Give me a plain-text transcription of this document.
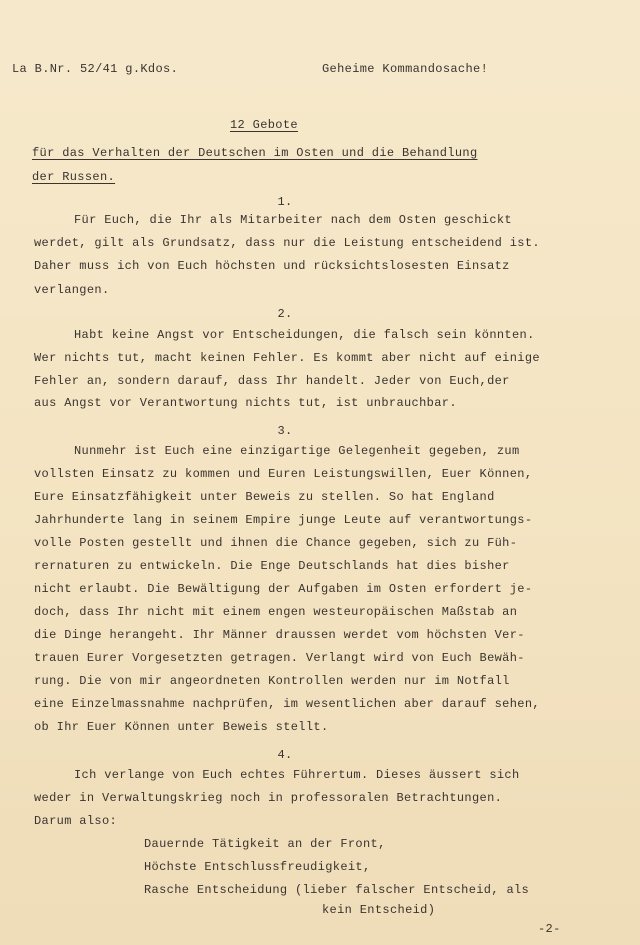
La B.Nr. 52/41 g.Kdos.	Geheime Kommandosache!
12 Gebote
für das Verhalten der Deutschen im Osten und die Behandlung
der Russen.
1.
Für Euch, die Ihr als Mitarbeiter nach dem Osten geschickt
werdet, gilt als Grundsatz, dass nur die Leistung entscheidend ist.
Daher muss ich von Euch höchsten und rücksichtslosesten Einsatz
verlangen.
2.
Habt keine Angst vor Entscheidungen, die falsch sein könnten.
Wer nichts tut, macht keinen Fehler. Es kommt aber nicht auf einige
Fehler an, sondern darauf, dass Ihr handelt. Jeder von Euch,der
aus Angst vor Verantwortung nichts tut, ist unbrauchbar.
3.
Nunmehr ist Euch eine einzigartige Gelegenheit gegeben, zum
vollsten Einsatz zu kommen und Euren Leistungswillen, Euer Können,
Eure Einsatzfähigkeit unter Beweis zu stellen. So hat England
Jahrhunderte lang in seinem Empire junge Leute auf verantwortungs-
volle Posten gestellt und ihnen die Chance gegeben, sich zu Füh-
rernaturen zu entwickeln. Die Enge Deutschlands hat dies bisher
nicht erlaubt. Die Bewältigung der Aufgaben im Osten erfordert je-
doch, dass Ihr nicht mit einem engen westeuropäischen Maßstab an
die Dinge herangeht. Ihr Männer draussen werdet vom höchsten Ver-
trauen Eurer Vorgesetzten getragen. Verlangt wird von Euch Bewäh-
rung. Die von mir angeordneten Kontrollen werden nur im Notfall
eine Einzelmassnahme nachprüfen, im wesentlichen aber darauf sehen,
ob Ihr Euer Können unter Beweis stellt.
4.
Ich verlange von Euch echtes Führertum. Dieses äussert sich
weder in Verwaltungskrieg noch in professoralen Betrachtungen.
Darum also:
Dauernde Tätigkeit an der Front,
Höchste Entschlussfreudigkeit,
Rasche Entscheidung (lieber falscher Entscheid, als
kein Entscheid)
-2-
